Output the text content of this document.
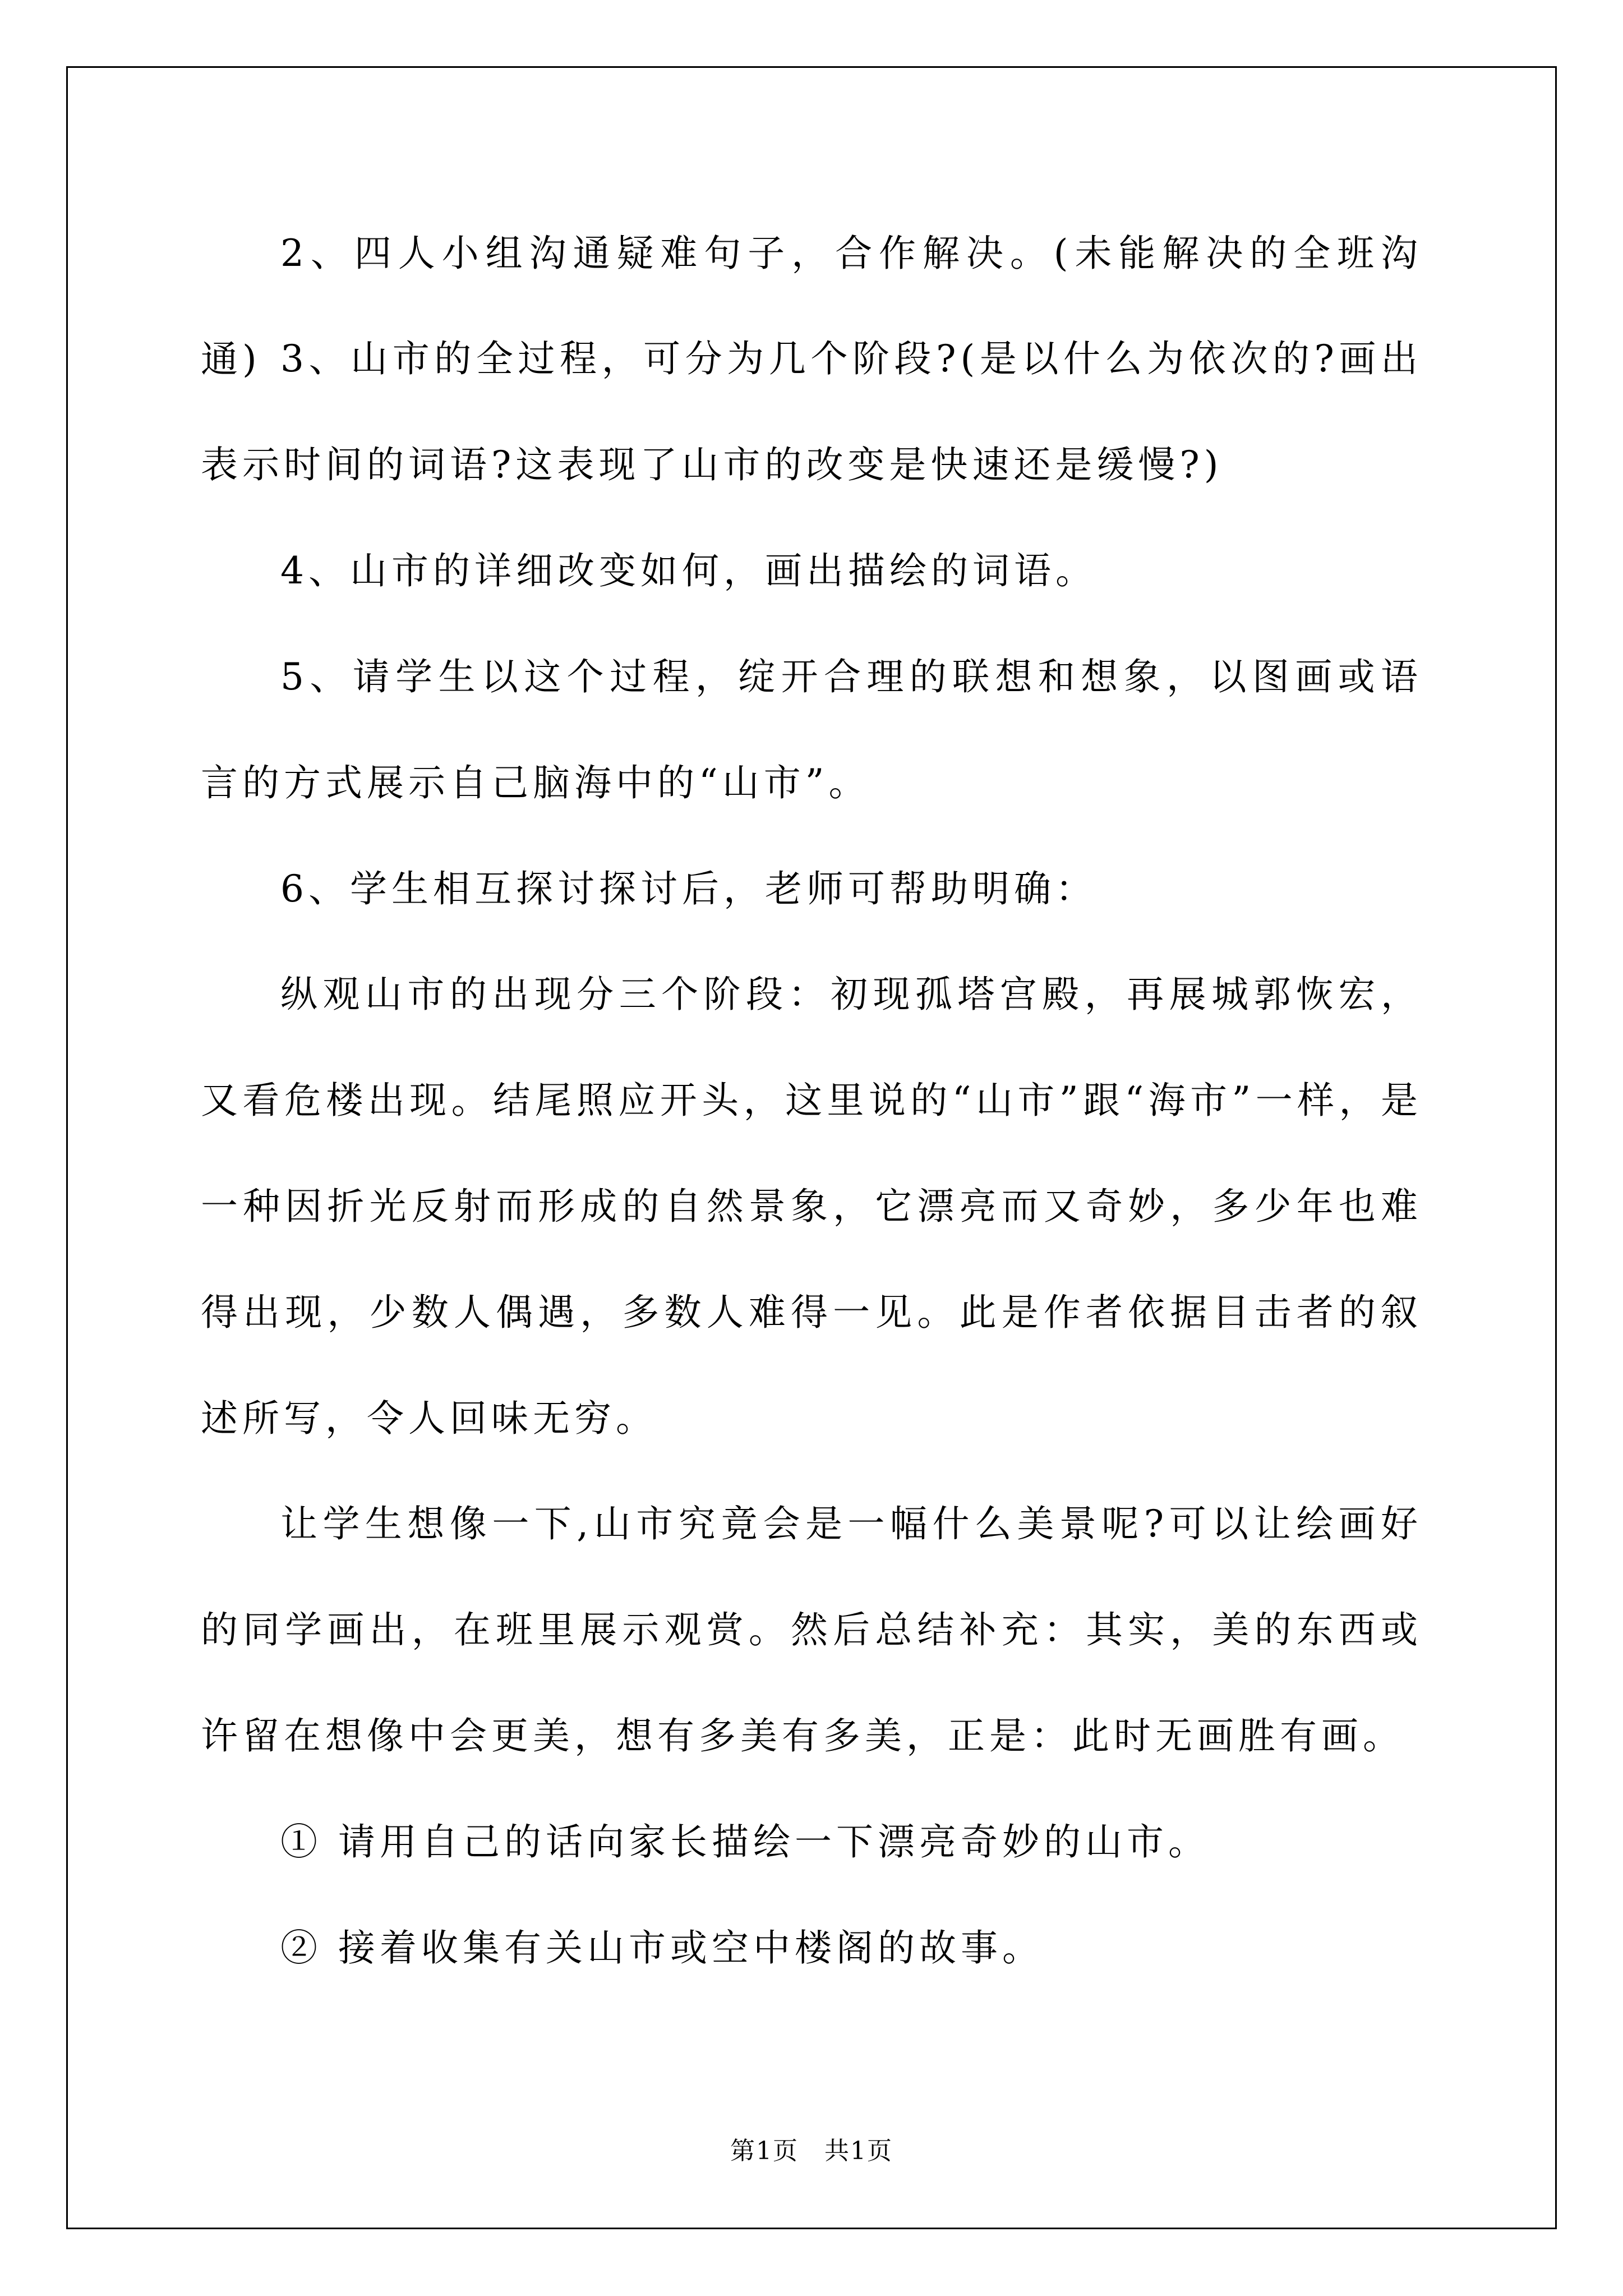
2、四人小组沟通疑难句子，合作解决。(未能解决的全班沟通) 3、山市的全过程，可分为几个阶段?(是以什么为依次的?画出表示时间的词语?这表现了山市的改变是快速还是缓慢?)

4、山市的详细改变如何，画出描绘的词语。

5、请学生以这个过程，绽开合理的联想和想象，以图画或语言的方式展示自己脑海中的“山市”。

6、学生相互探讨探讨后，老师可帮助明确：

纵观山市的出现分三个阶段：初现孤塔宫殿，再展城郭恢宏，又看危楼出现。结尾照应开头，这里说的“山市”跟“海市”一样，是一种因折光反射而形成的自然景象，它漂亮而又奇妙，多少年也难得出现，少数人偶遇，多数人难得一见。此是作者依据目击者的叙述所写，令人回味无穷。

让学生想像一下,山市究竟会是一幅什么美景呢?可以让绘画好的同学画出，在班里展示观赏。然后总结补充：其实，美的东西或许留在想像中会更美，想有多美有多美，正是：此时无画胜有画。

① 请用自己的话向家长描绘一下漂亮奇妙的山市。

② 接着收集有关山市或空中楼阁的故事。

第1页　共1页
